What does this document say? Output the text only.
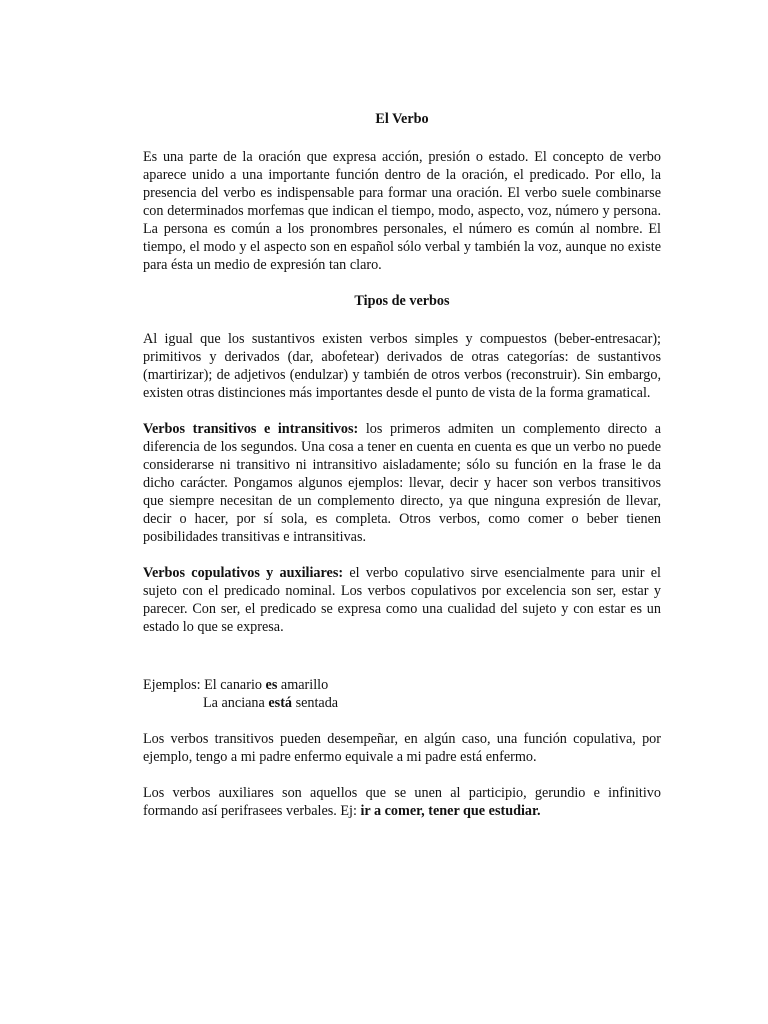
El Verbo

Es una parte de la oración que expresa acción, presión o estado. El concepto de verbo aparece unido a una importante función dentro de la oración, el predicado. Por ello, la presencia del verbo es indispensable para formar una oración. El verbo suele combinarse con determinados morfemas que indican el tiempo, modo, aspecto, voz, número y persona. La persona es común a los pronombres personales, el número es común al nombre. El tiempo, el modo y el aspecto son en español sólo verbal y también la voz, aunque no existe para ésta un medio de expresión tan claro.

Tipos de verbos

Al igual que los sustantivos existen verbos simples y compuestos (beber-entresacar); primitivos y derivados (dar, abofetear) derivados de otras categorías: de sustantivos (martirizar); de adjetivos (endulzar) y también de otros verbos (reconstruir). Sin embargo, existen otras distinciones más importantes desde el punto de vista de la forma gramatical.

Verbos transitivos e intransitivos: los primeros admiten un complemento directo a diferencia de los segundos. Una cosa a tener en cuenta en cuenta es que un verbo no puede considerarse ni transitivo ni intransitivo aisladamente; sólo su función en la frase le da dicho carácter. Pongamos algunos ejemplos: llevar, decir y hacer son verbos transitivos que siempre necesitan de un complemento directo, ya que ninguna expresión de llevar, decir o hacer, por sí sola, es completa. Otros verbos, como comer o beber tienen posibilidades transitivas e intransitivas.

Verbos copulativos y auxiliares: el verbo copulativo sirve esencialmente para unir el sujeto con el predicado nominal. Los verbos copulativos por excelencia son ser, estar y parecer. Con ser, el predicado se expresa como una cualidad del sujeto y con estar es un estado lo que se expresa.

Ejemplos: El canario es amarillo
La anciana está sentada

Los verbos transitivos pueden desempeñar, en algún caso, una función copulativa, por ejemplo, tengo a mi padre enfermo equivale a mi padre está enfermo.

Los verbos auxiliares son aquellos que se unen al participio, gerundio e infinitivo formando así perifrasees verbales. Ej: ir a comer, tener que estudiar.
